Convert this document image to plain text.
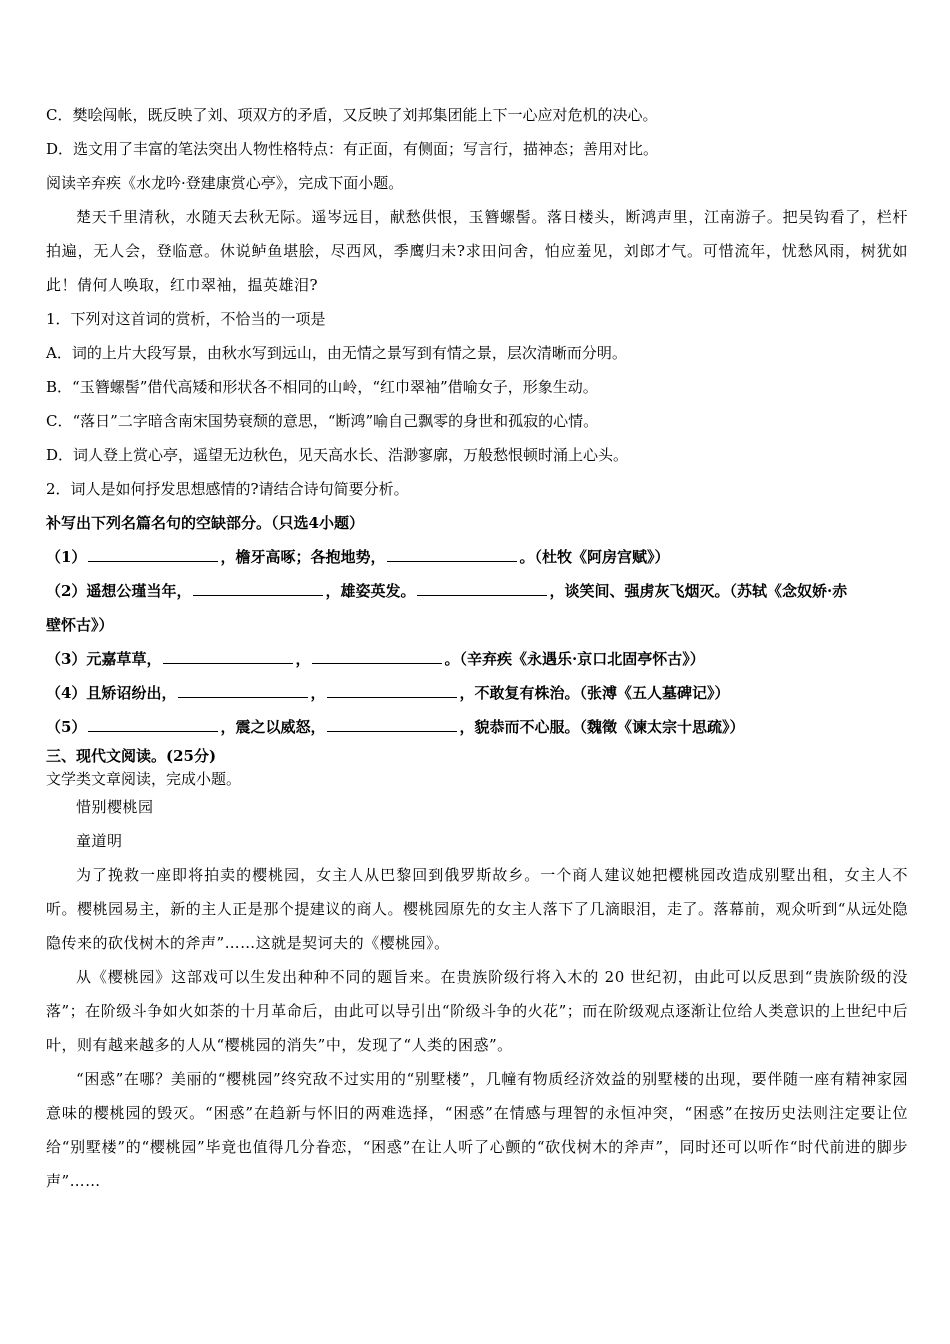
C．樊哙闯帐，既反映了刘、项双方的矛盾，又反映了刘邦集团能上下一心应对危机的决心。
D．选文用了丰富的笔法突出人物性格特点：有正面，有侧面；写言行，描神态；善用对比。
阅读辛弃疾《水龙吟·登建康赏心亭》，完成下面小题。
楚天千里清秋，水随天去秋无际。遥岑远目，献愁供恨，玉簪螺髻。落日楼头，断鸿声里，江南游子。把吴钩看了，栏杆拍遍，无人会，登临意。休说鲈鱼堪脍，尽西风，季鹰归未?求田问舍，怕应羞见，刘郎才气。可惜流年，忧愁风雨，树犹如此！倩何人唤取，红巾翠袖，揾英雄泪?
1．下列对这首词的赏析，不恰当的一项是
A．词的上片大段写景，由秋水写到远山，由无情之景写到有情之景，层次清晰而分明。
B．“玉簪螺髻”借代高矮和形状各不相同的山岭，“红巾翠袖”借喻女子，形象生动。
C．“落日”二字暗含南宋国势衰颓的意思，“断鸿”喻自己飘零的身世和孤寂的心情。
D．词人登上赏心亭，遥望无边秋色，见天高水长、浩渺寥廓，万般愁恨顿时涌上心头。
2．词人是如何抒发思想感情的?请结合诗句简要分析。
补写出下列名篇名句的空缺部分。（只选4小题）
（1）	，檐牙高啄；各抱地势，	。（杜牧《阿房宫赋》）
（2）遥想公瑾当年，	，雄姿英发。	，谈笑间、强虏灰飞烟灭。（苏轼《念奴娇·赤
壁怀古》）
（3）元嘉草草，	，	。（辛弃疾《永遇乐·京口北固亭怀古》）
（4）且矫诏纷出，	，	，不敢复有株治。（张溥《五人墓碑记》）
（5）	，震之以威怒，	，貌恭而不心服。（魏徵《谏太宗十思疏》）
三、现代文阅读。(25分)
文学类文章阅读，完成小题。
惜别樱桃园
童道明
为了挽救一座即将拍卖的樱桃园，女主人从巴黎回到俄罗斯故乡。一个商人建议她把樱桃园改造成别墅出租，女主人不听。樱桃园易主，新的主人正是那个提建议的商人。樱桃园原先的女主人落下了几滴眼泪，走了。落幕前，观众听到“从远处隐隐传来的砍伐树木的斧声”……这就是契诃夫的《樱桃园》。
从《樱桃园》这部戏可以生发出种种不同的题旨来。在贵族阶级行将入木的 20 世纪初，由此可以反思到“贵族阶级的没落”；在阶级斗争如火如荼的十月革命后，由此可以导引出“阶级斗争的火花”；而在阶级观点逐渐让位给人类意识的上世纪中后叶，则有越来越多的人从“樱桃园的消失”中，发现了“人类的困惑”。
“困惑”在哪？美丽的“樱桃园”终究敌不过实用的“别墅楼”，几幢有物质经济效益的别墅楼的出现，要伴随一座有精神家园意味的樱桃园的毁灭。“困惑”在趋新与怀旧的两难选择，“困惑”在情感与理智的永恒冲突，“困惑”在按历史法则注定要让位给“别墅楼”的“樱桃园”毕竟也值得几分眷恋，“困惑”在让人听了心颤的“砍伐树木的斧声”，同时还可以听作“时代前进的脚步声”……
